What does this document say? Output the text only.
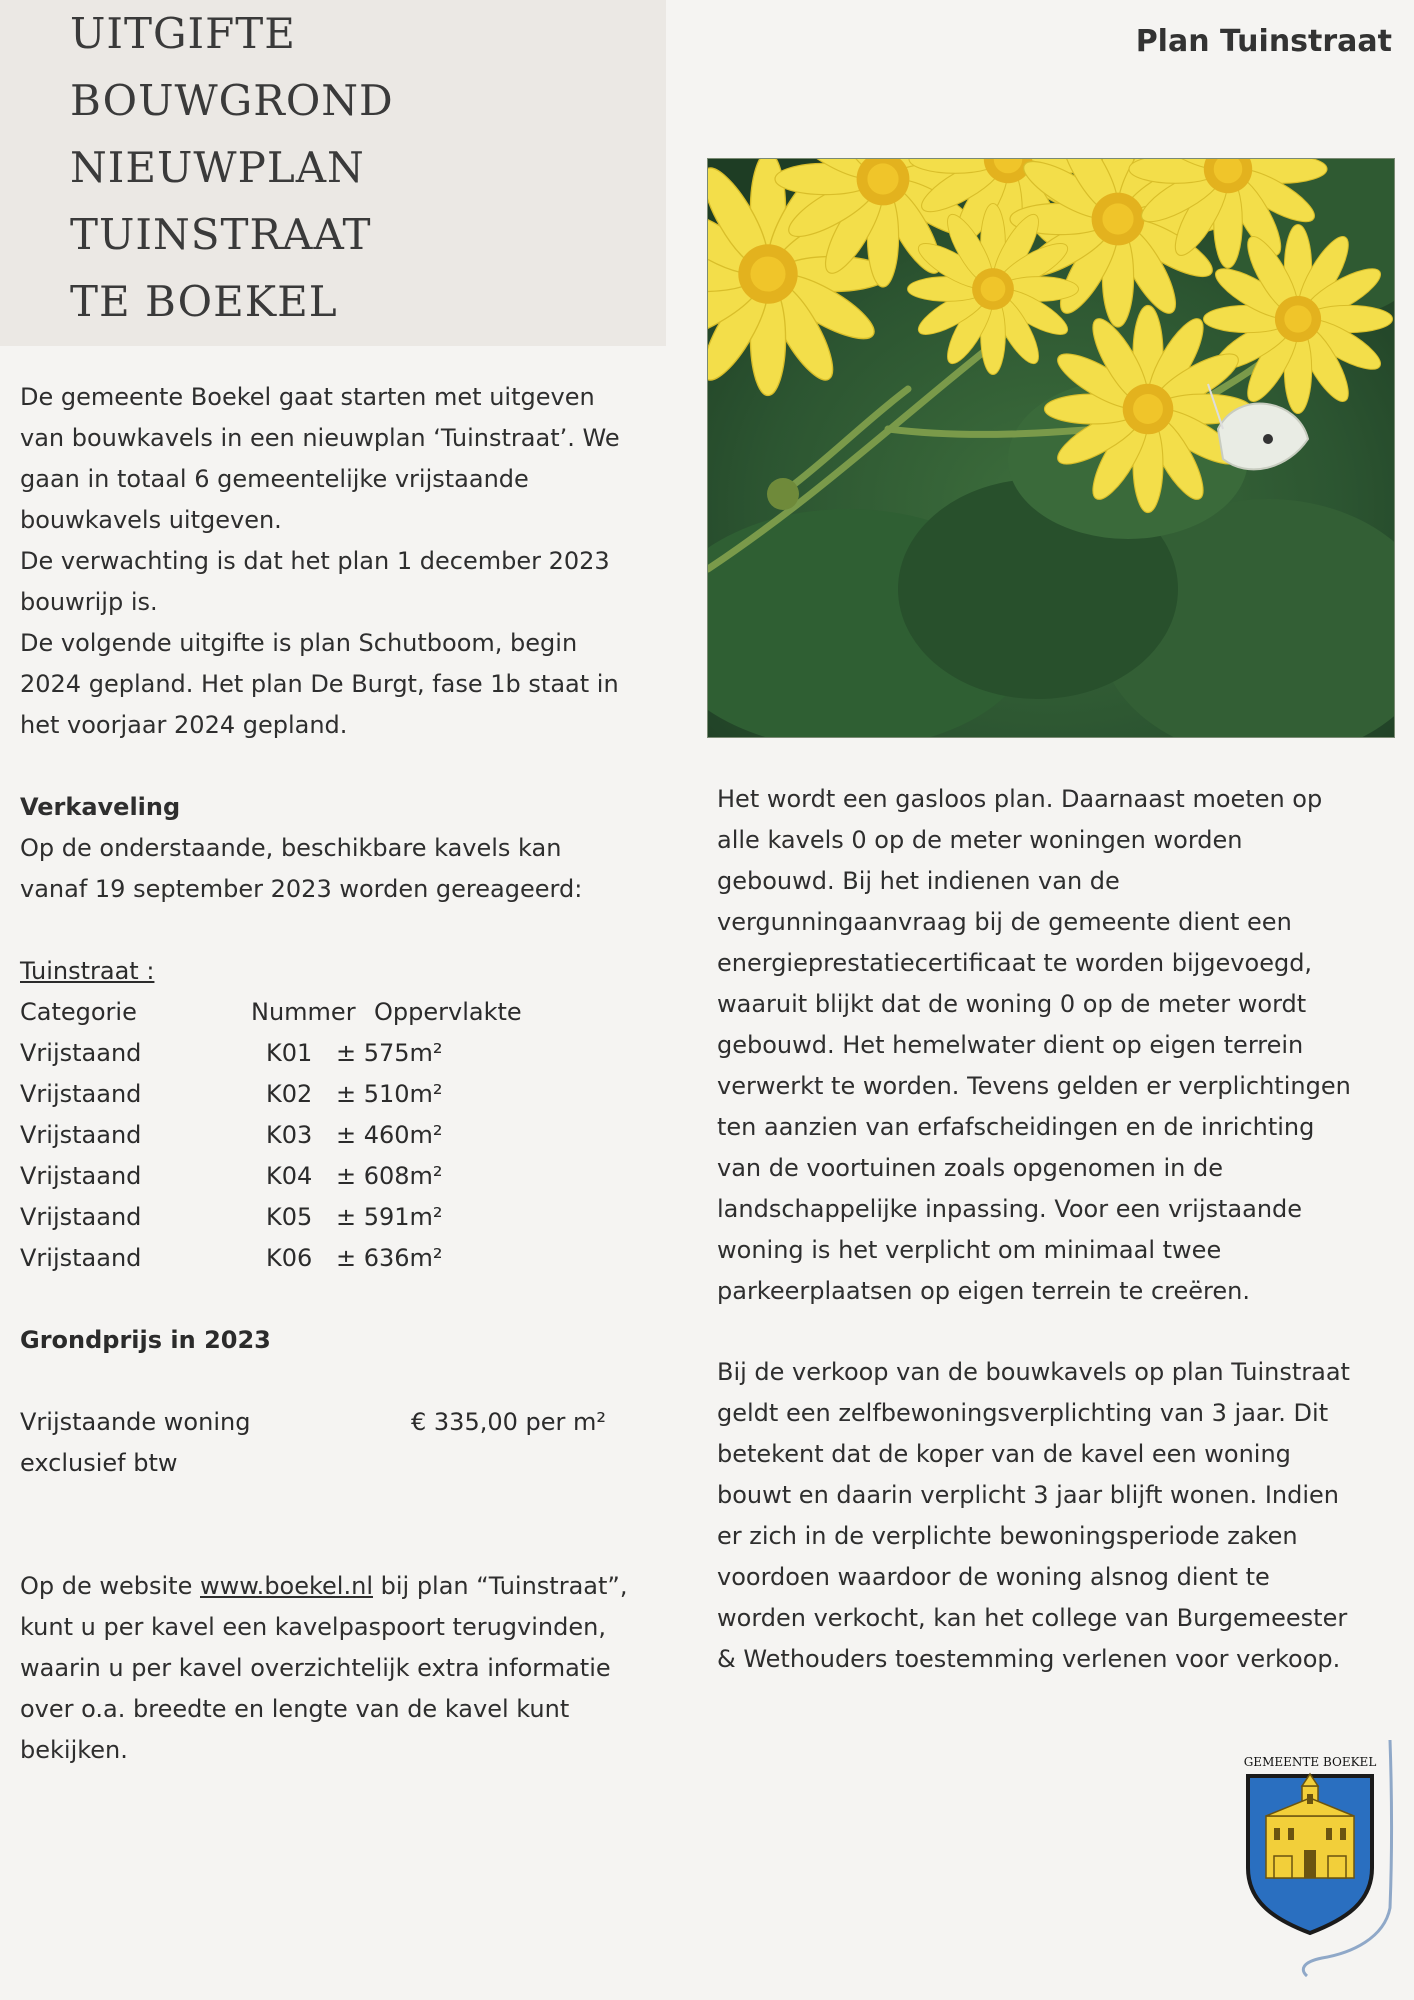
UITGIFTE
BOUWGROND
NIEUWPLAN
TUINSTRAAT
TE BOEKEL
Plan Tuinstraat

De gemeente Boekel gaat starten met uitgeven

van bouwkavels in een nieuwplan ‘Tuinstraat’. We

gaan in totaal 6 gemeentelijke vrijstaande

bouwkavels uitgeven.

De verwachting is dat het plan 1 december 2023

bouwrijp is.

De volgende uitgifte is plan Schutboom, begin

2024 gepland. Het plan De Burgt, fase 1b staat in

het voorjaar 2024 gepland.

Verkaveling

Op de onderstaande, beschikbare kavels kan

vanaf 19 september 2023 worden gereageerd:

Tuinstraat :
Categorie	Nummer Oppervlakte
Vrijstaand	K01 ± 575m²
Vrijstaand	K02 ± 510m²
Vrijstaand	K03 ± 460m²
Vrijstaand	K04 ± 608m²
Vrijstaand	K05 ± 591m²
Vrijstaand	K06 ± 636m²
Grondprijs in 2023
Vrijstaande woning	€ 335,00 per m²
exclusief btw

Op de website www.boekel.nl bij plan “Tuinstraat”,

kunt u per kavel een kavelpaspoort terugvinden,

waarin u per kavel overzichtelijk extra informatie

over o.a. breedte en lengte van de kavel kunt

bekijken.

Het wordt een gasloos plan. Daarnaast moeten op

alle kavels 0 op de meter woningen worden

gebouwd. Bij het indienen van de

vergunningaanvraag bij de gemeente dient een

energieprestatiecertificaat te worden bijgevoegd,

waaruit blijkt dat de woning 0 op de meter wordt

gebouwd. Het hemelwater dient op eigen terrein

verwerkt te worden. Tevens gelden er verplichtingen

ten aanzien van erfafscheidingen en de inrichting

van de voortuinen zoals opgenomen in de

landschappelijke inpassing. Voor een vrijstaande

woning is het verplicht om minimaal twee

parkeerplaatsen op eigen terrein te creëren.

Bij de verkoop van de bouwkavels op plan Tuinstraat

geldt een zelfbewoningsverplichting van 3 jaar. Dit

betekent dat de koper van de kavel een woning

bouwt en daarin verplicht 3 jaar blijft wonen. Indien

er zich in de verplichte bewoningsperiode zaken

voordoen waardoor de woning alsnog dient te

worden verkocht, kan het college van Burgemeester

& Wethouders toestemming verlenen voor verkoop.

GEMEENTE BOEKEL
